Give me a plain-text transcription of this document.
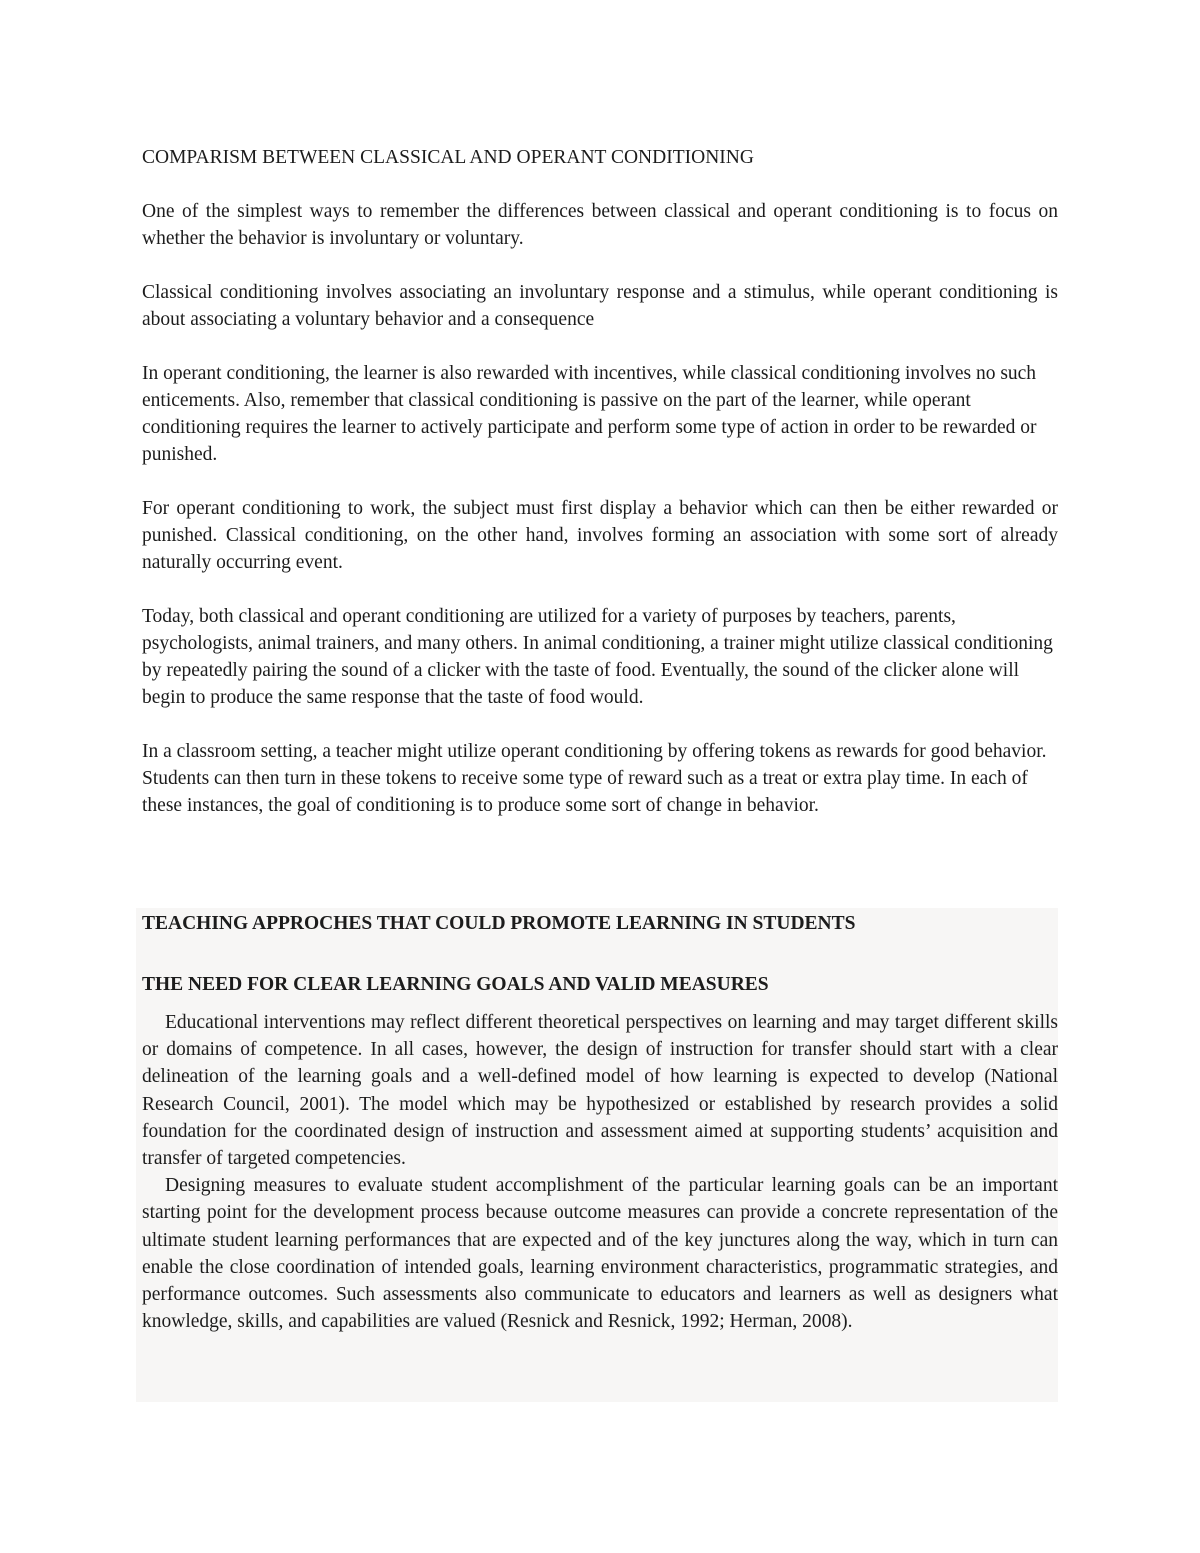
COMPARISM BETWEEN CLASSICAL AND OPERANT CONDITIONING

One of the simplest ways to remember the differences between classical and operant conditioning is to focus on whether the behavior is involuntary or voluntary.

Classical conditioning involves associating an involuntary response and a stimulus, while operant conditioning is about associating a voluntary behavior and a consequence

In operant conditioning, the learner is also rewarded with incentives, while classical conditioning involves no such enticements. Also, remember that classical conditioning is passive on the part of the learner, while operant conditioning requires the learner to actively participate and perform some type of action in order to be rewarded or punished.

For operant conditioning to work, the subject must first display a behavior which can then be either rewarded or punished. Classical conditioning, on the other hand, involves forming an association with some sort of already naturally occurring event.

Today, both classical and operant conditioning are utilized for a variety of purposes by teachers, parents, psychologists, animal trainers, and many others. In animal conditioning, a trainer might utilize classical conditioning by repeatedly pairing the sound of a clicker with the taste of food. Eventually, the sound of the clicker alone will begin to produce the same response that the taste of food would.

In a classroom setting, a teacher might utilize operant conditioning by offering tokens as rewards for good behavior. Students can then turn in these tokens to receive some type of reward such as a treat or extra play time. In each of these instances, the goal of conditioning is to produce some sort of change in behavior.

TEACHING APPROCHES THAT COULD PROMOTE LEARNING IN STUDENTS
THE NEED FOR CLEAR LEARNING GOALS AND VALID MEASURES

Educational interventions may reflect different theoretical perspectives on learning and may target different skills or domains of competence. In all cases, however, the design of instruction for transfer should start with a clear delineation of the learning goals and a well-defined model of how learning is expected to develop (National Research Council, 2001). The model which may be hypothesized or established by research provides a solid foundation for the coordinated design of instruction and assessment aimed at supporting students’ acquisition and transfer of targeted competencies.

Designing measures to evaluate student accomplishment of the particular learning goals can be an important starting point for the development process because outcome measures can provide a concrete representation of the ultimate student learning performances that are expected and of the key junctures along the way, which in turn can enable the close coordination of intended goals, learning environment characteristics, programmatic strategies, and performance outcomes. Such assessments also communicate to educators and learners as well as designers what knowledge, skills, and capabilities are valued (Resnick and Resnick, 1992; Herman, 2008).
